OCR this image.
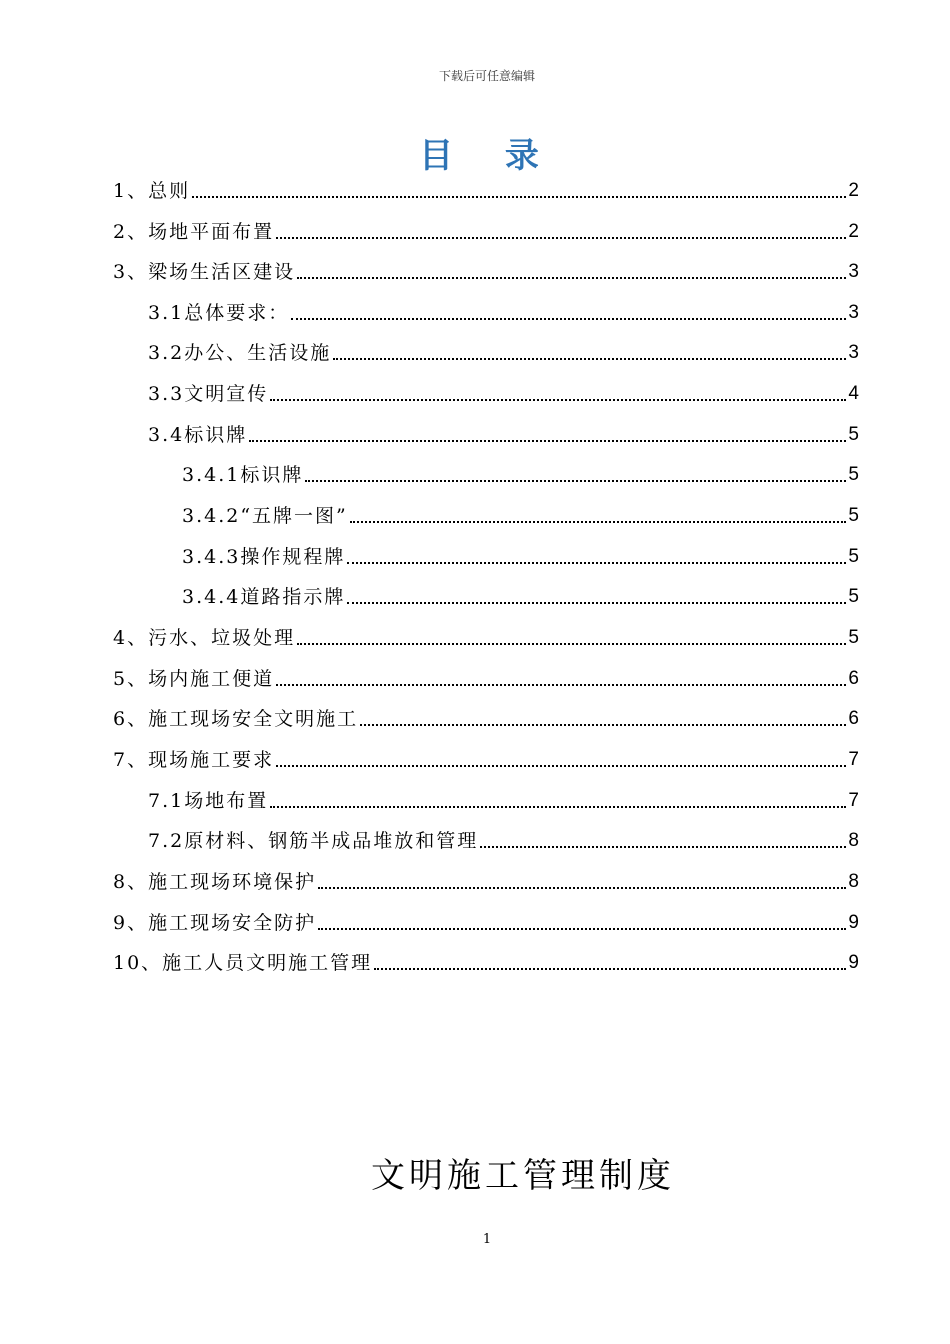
下载后可任意编辑
目 录
1、总则	2
2、场地平面布置	2
3、梁场生活区建设	3
3.1总体要求：	3
3.2办公、生活设施	3
3.3文明宣传	4
3.4标识牌	5
3.4.1标识牌	5
3.4.2“五牌一图”	5
3.4.3操作规程牌	5
3.4.4道路指示牌	5
4、污水、垃圾处理	5
5、场内施工便道	6
6、施工现场安全文明施工	6
7、现场施工要求	7
7.1场地布置	7
7.2原材料、钢筋半成品堆放和管理	8
8、施工现场环境保护	8
9、施工现场安全防护	9
10、施工人员文明施工管理	9
文明施工管理制度
1
